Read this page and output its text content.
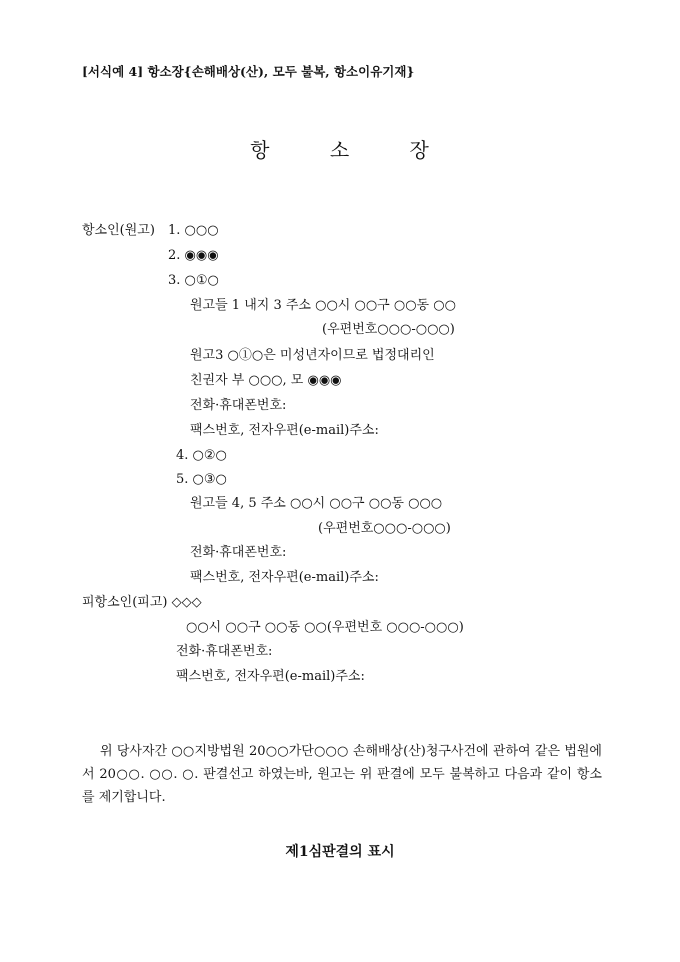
[서식예 4] 항소장{손해배상(산), 모두 불복, 항소이유기재}
항	소	장
항소인(원고) 1. ○○○
2. ◉◉◉
3. ○①○
원고들 1 내지 3 주소 ○○시 ○○구 ○○동 ○○
(우편번호○○○-○○○)
원고3 ○①○은 미성년자이므로 법정대리인
친권자 부 ○○○, 모 ◉◉◉
전화·휴대폰번호:
팩스번호, 전자우편(e-mail)주소:
4. ○②○
5. ○③○
원고들 4, 5 주소 ○○시 ○○구 ○○동 ○○○
(우편번호○○○-○○○)
전화·휴대폰번호:
팩스번호, 전자우편(e-mail)주소:
피항소인(피고) ◇◇◇
○○시 ○○구 ○○동 ○○(우편번호 ○○○-○○○)
전화·휴대폰번호:
팩스번호, 전자우편(e-mail)주소:
위 당사자간 ○○지방법원 20○○가단○○○ 손해배상(산)청구사건에 관하여 같은 법원에서 20○○. ○○. ○. 판결선고 하였는바, 원고는 위 판결에 모두 불복하고 다음과 같이 항소를 제기합니다.
제1심판결의 표시
